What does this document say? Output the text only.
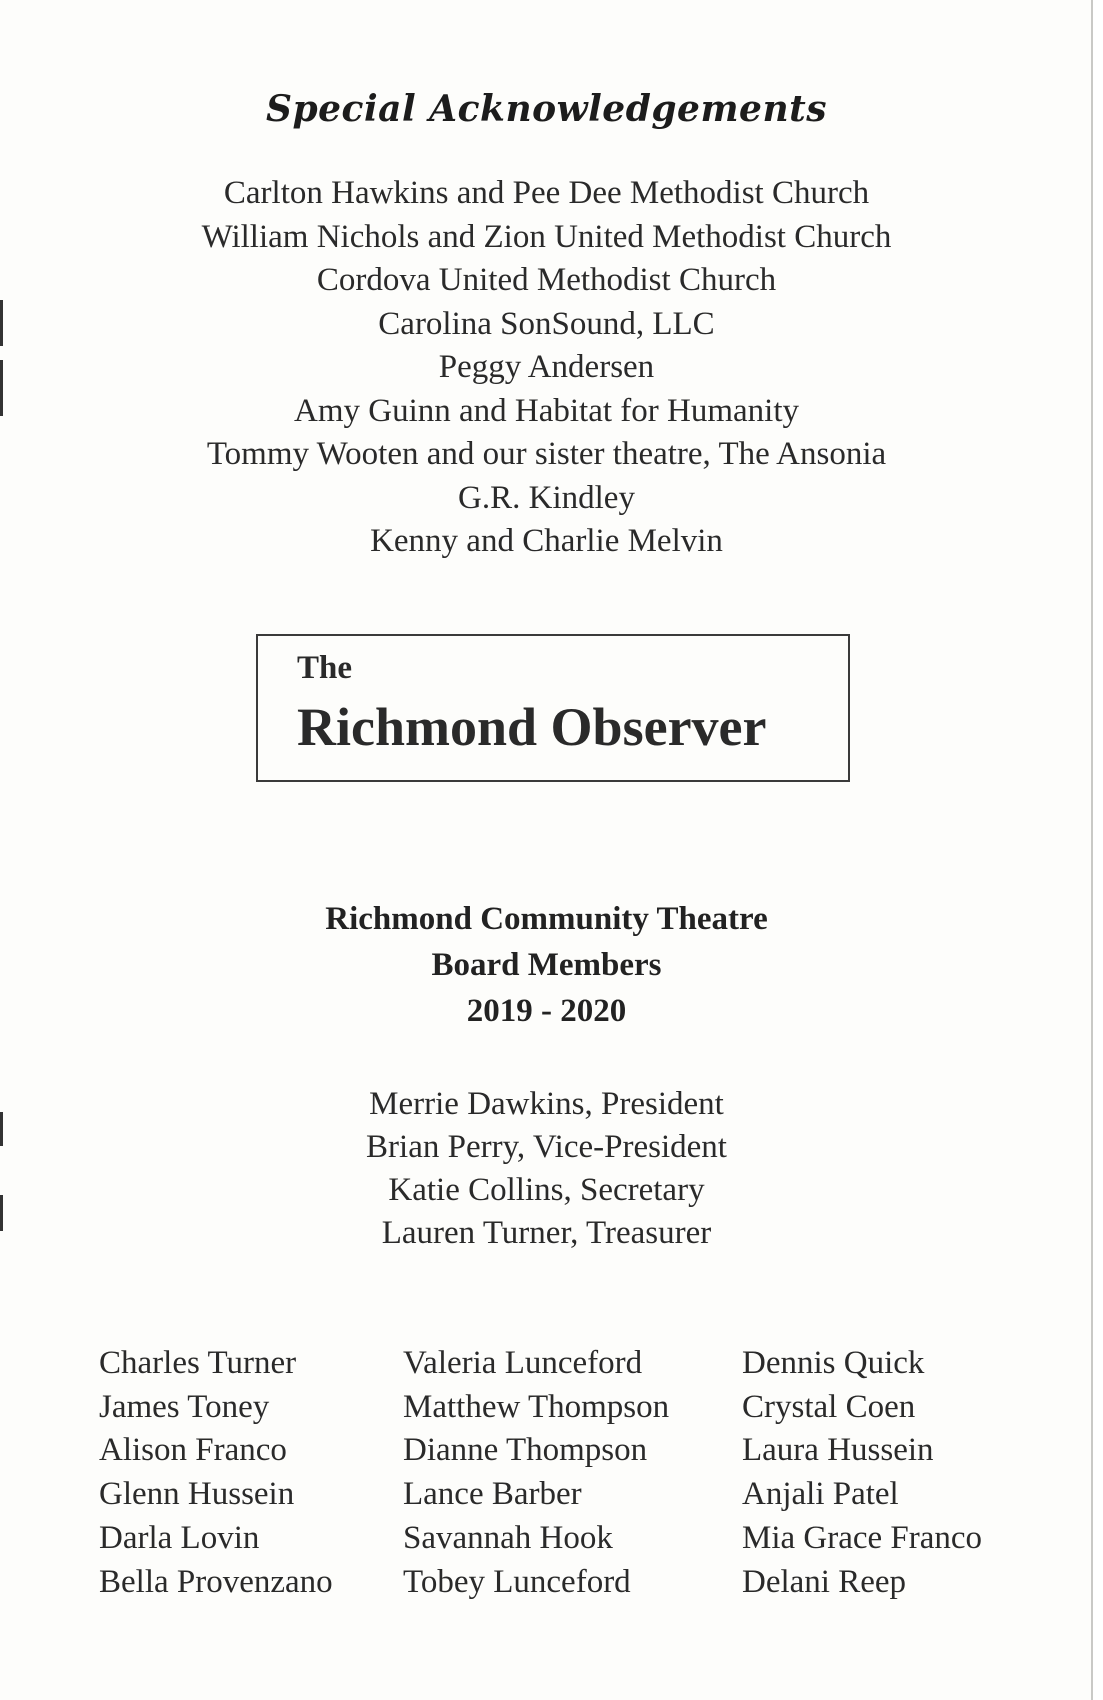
Special Acknowledgements
Carlton Hawkins and Pee Dee Methodist Church
William Nichols and Zion United Methodist Church
Cordova United Methodist Church
Carolina SonSound, LLC
Peggy Andersen
Amy Guinn and Habitat for Humanity
Tommy Wooten and our sister theatre, The Ansonia
G.R. Kindley
Kenny and Charlie Melvin
The
Richmond Observer
Richmond Community Theatre
Board Members
2019 - 2020
Merrie Dawkins, President
Brian Perry, Vice-President
Katie Collins, Secretary
Lauren Turner, Treasurer
Charles Turner
James Toney
Alison Franco
Glenn Hussein
Darla Lovin
Bella Provenzano
Valeria Lunceford
Matthew Thompson
Dianne Thompson
Lance Barber
Savannah Hook
Tobey Lunceford
Dennis Quick
Crystal Coen
Laura Hussein
Anjali Patel
Mia Grace Franco
Delani Reep
